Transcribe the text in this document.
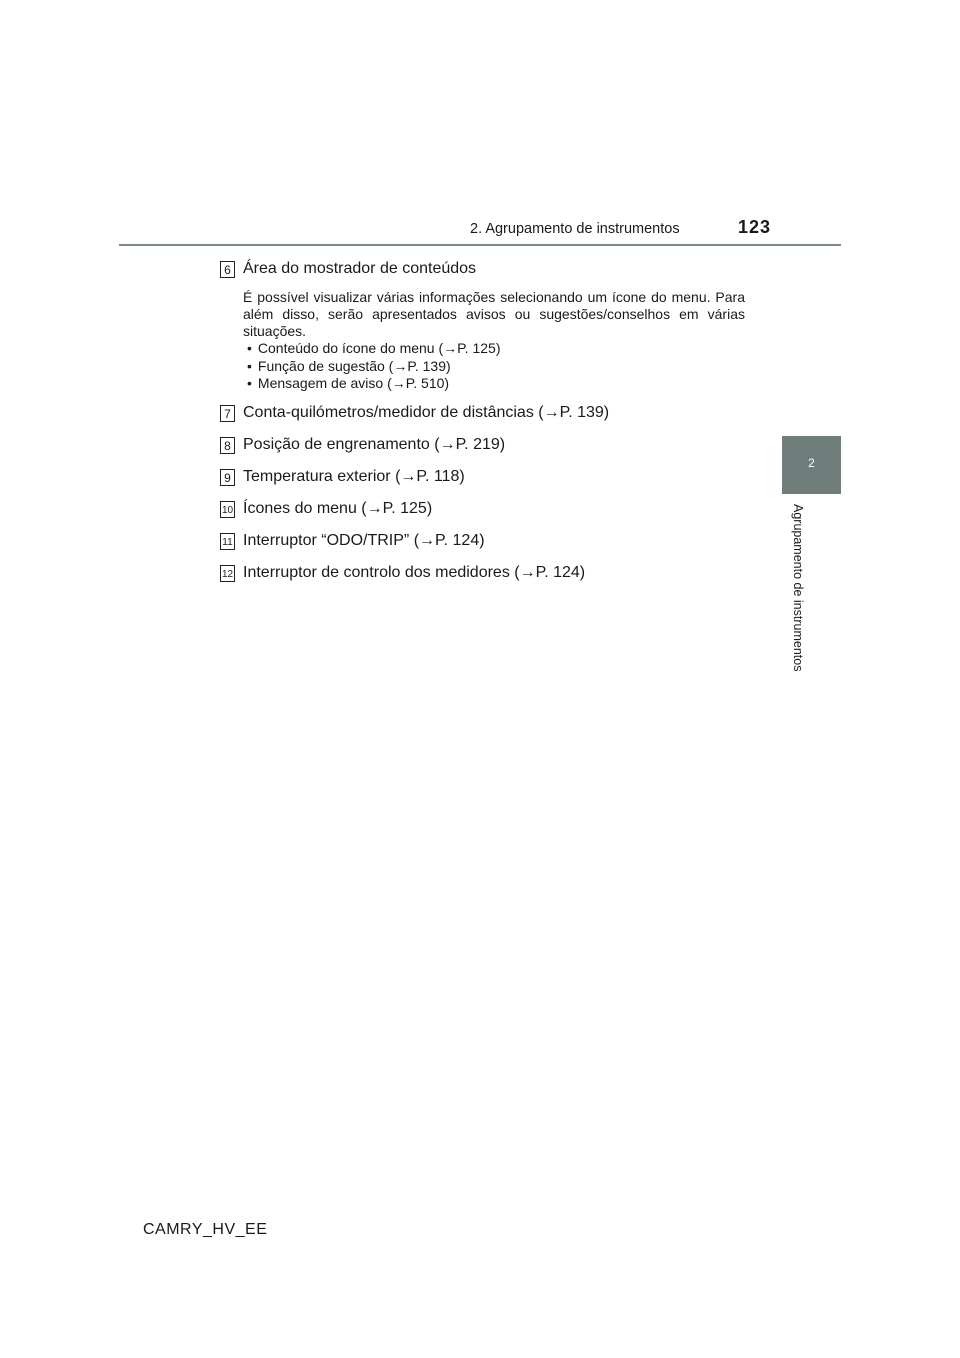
2. Agrupamento de instrumentos	123
2
Agrupamento de instrumentos
6 Área do mostrador de conteúdos
É possível visualizar várias informações selecionando um ícone do menu. Para além disso, serão apresentados avisos ou sugestões/conselhos em várias situações.
• Conteúdo do ícone do menu (→P. 125)
• Função de sugestão (→P. 139)
• Mensagem de aviso (→P. 510)
7 Conta-quilómetros/medidor de distâncias (→P. 139)
8 Posição de engrenamento (→P. 219)
9 Temperatura exterior (→P. 118)
10 Ícones do menu (→P. 125)
11 Interruptor “ODO/TRIP” (→P. 124)
12 Interruptor de controlo dos medidores (→P. 124)
CAMRY_HV_EE
